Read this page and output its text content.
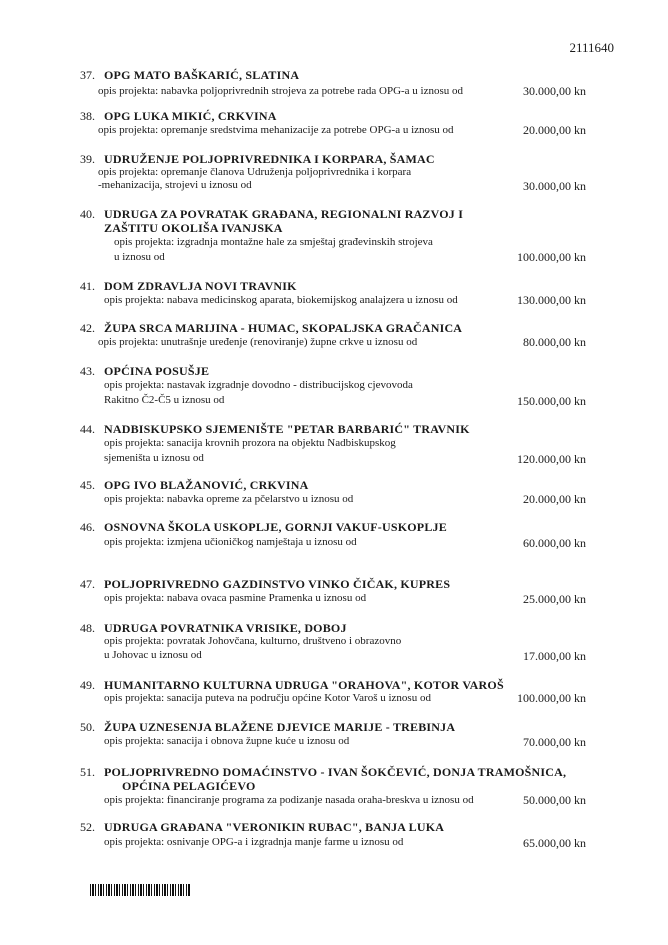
2111640
37. OPG MATO BAŠKARIĆ, SLATINA
opis projekta: nabavka poljoprivrednih strojeva za potrebe rada OPG-a u iznosu od	30.000,00 kn
38. OPG LUKA MIKIĆ, CRKVINA
opis projekta: opremanje sredstvima mehanizacije za potrebe OPG-a u iznosu od	20.000,00 kn
39. UDRUŽENJE POLJOPRIVREDNIKA I KORPARA, ŠAMAC
opis projekta: opremanje članova Udruženja poljoprivrednika i korpara
-mehanizacija, strojevi u iznosu od	30.000,00 kn
40. UDRUGA ZA POVRATAK GRAĐANA, REGIONALNI RAZVOJ I
ZAŠTITU OKOLIŠA IVANJSKA
opis projekta: izgradnja montažne hale za smještaj građevinskih strojeva
u iznosu od	100.000,00 kn
41. DOM ZDRAVLJA NOVI TRAVNIK
opis projekta: nabava medicinskog aparata, biokemijskog analajzera u iznosu od	130.000,00 kn
42. ŽUPA SRCA MARIJINA - HUMAC, SKOPALJSKA GRAČANICA
opis projekta: unutrašnje uređenje (renoviranje) župne crkve u iznosu od	80.000,00 kn
43. OPĆINA POSUŠJE
opis projekta: nastavak izgradnje dovodno - distribucijskog cjevovoda
Rakitno Č2-Č5 u iznosu od	150.000,00 kn
44. NADBISKUPSKO SJEMENIŠTE "PETAR BARBARIĆ" TRAVNIK
opis projekta: sanacija krovnih prozora na objektu Nadbiskupskog
sjemeništa u iznosu od	120.000,00 kn
45. OPG IVO BLAŽANOVIĆ, CRKVINA
opis projekta: nabavka opreme za pčelarstvo u iznosu od	20.000,00 kn
46. OSNOVNA ŠKOLA USKOPLJE, GORNJI VAKUF-USKOPLJE
opis projekta: izmjena učioničkog namještaja u iznosu od	60.000,00 kn
47. POLJOPRIVREDNO GAZDINSTVO VINKO ČIČAK, KUPRES
opis projekta: nabava ovaca pasmine Pramenka u iznosu od	25.000,00 kn
48. UDRUGA POVRATNIKA VRISIKE, DOBOJ
opis projekta: povratak Johovčana, kulturno, društveno i obrazovno
u Johovac u iznosu od	17.000,00 kn
49. HUMANITARNO KULTURNA UDRUGA "ORAHOVA", KOTOR VAROŠ
opis projekta: sanacija puteva na području općine Kotor Varoš u iznosu od	100.000,00 kn
50. ŽUPA UZNESENJA BLAŽENE DJEVICE MARIJE - TREBINJA
opis projekta: sanacija i obnova župne kuće u iznosu od	70.000,00 kn
51. POLJOPRIVREDNO DOMAĆINSTVO - IVAN ŠOKČEVIĆ, DONJA TRAMOŠNICA,
OPĆINA PELAGIĆEVO
opis projekta: financiranje programa za podizanje nasada oraha-breskva u iznosu od	50.000,00 kn
52. UDRUGA GRAĐANA "VERONIKIN RUBAC", BANJA LUKA
opis projekta: osnivanje OPG-a i izgradnja manje farme u iznosu od	65.000,00 kn
